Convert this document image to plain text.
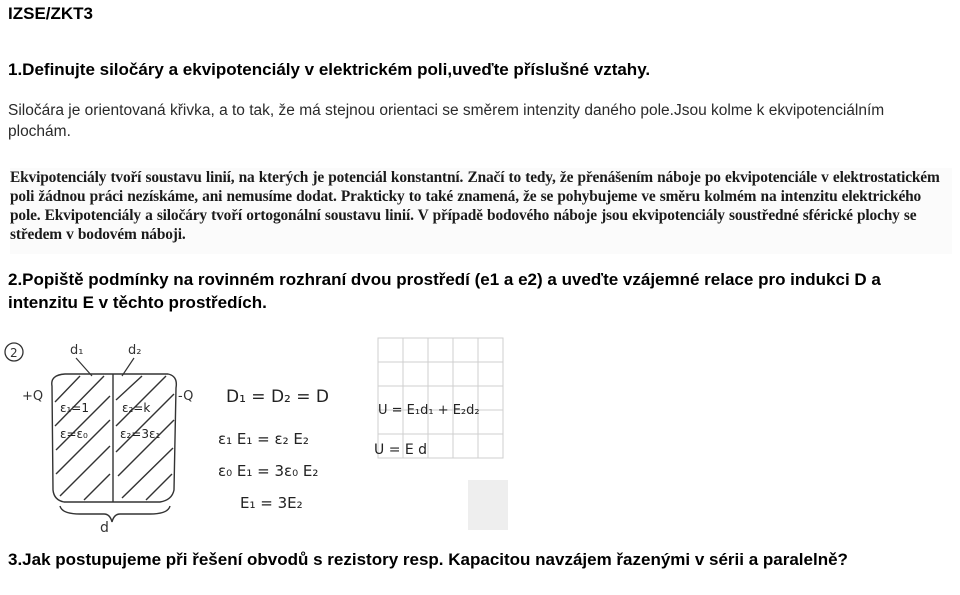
IZSE/ZKT3
1.Definujte siločáry a ekvipotenciály v elektrickém poli,uveďte příslušné vztahy.
Siločára je orientovaná křivka, a to tak, že má stejnou orientaci se směrem intenzity daného pole.Jsou kolme k ekvipotenciálním plochám.

Ekvipotenciály tvoří soustavu linií, na kterých je potenciál konstantní. Značí to tedy, že přenášením náboje po ekvipotenciále v elektrostatickém poli žádnou práci nezískáme, ani nemusíme dodat. Prakticky to také znamená, že se pohybujeme ve směru kolmém na intenzitu elektrického pole. Ekvipotenciály a siločáry tvoří ortogonální soustavu linií. V případě bodového náboje jsou ekvipotenciály soustředné sférické plochy se středem v bodovém náboji.

2.Popiště podmínky na rovinném rozhraní dvou prostředí (e1 a e2) a uveďte vzájemné relace pro indukci D a intenzitu E v těchto prostředích.
2	d₁	d₂
+Q	-Q
ε₁=1	ε₂=k
ε=ε₀	ε₂=3ε₁
d
D₁ = D₂ = D
ε₁ E₁ = ε₂ E₂
ε₀ E₁ = 3ε₀ E₂
E₁ = 3E₂
U = E₁d₁ + E₂d₂
U = E d
3.Jak postupujeme při řešení obvodů s rezistory resp. Kapacitou navzájem řazenými v sérii a paralelně?
